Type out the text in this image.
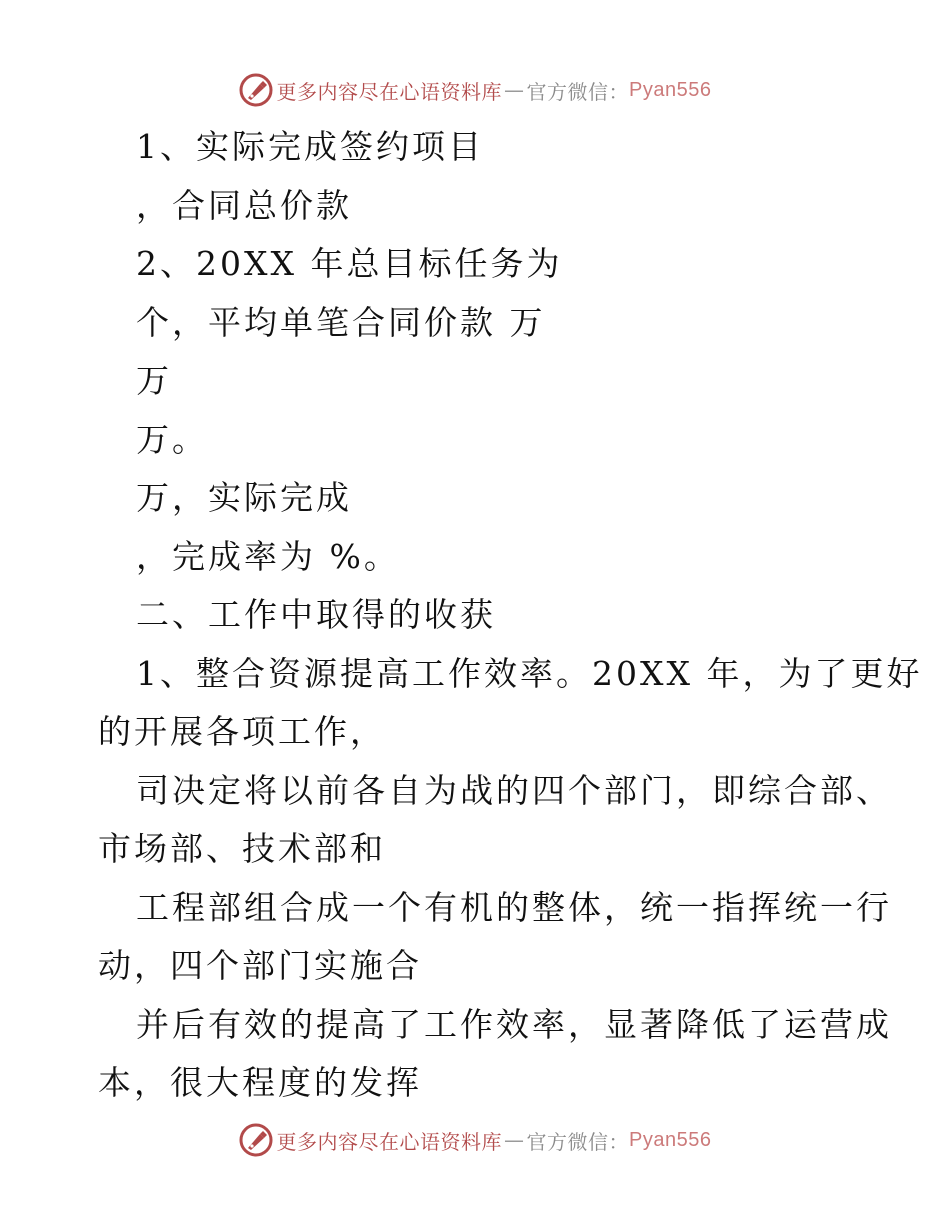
更多内容尽在心语资料库 — 官方微信： Pyan556
1、实际完成签约项目
，合同总价款
2、20XX 年总目标任务为
个，平均单笔合同价款 万
万
万。
万，实际完成
，完成率为 %。
二、工作中取得的收获
1、整合资源提高工作效率。20XX 年，为了更好
的开展各项工作，
司决定将以前各自为战的四个部门，即综合部、
市场部、技术部和
工程部组合成一个有机的整体，统一指挥统一行
动，四个部门实施合
并后有效的提高了工作效率，显著降低了运营成
本，很大程度的发挥
更多内容尽在心语资料库 — 官方微信： Pyan556
